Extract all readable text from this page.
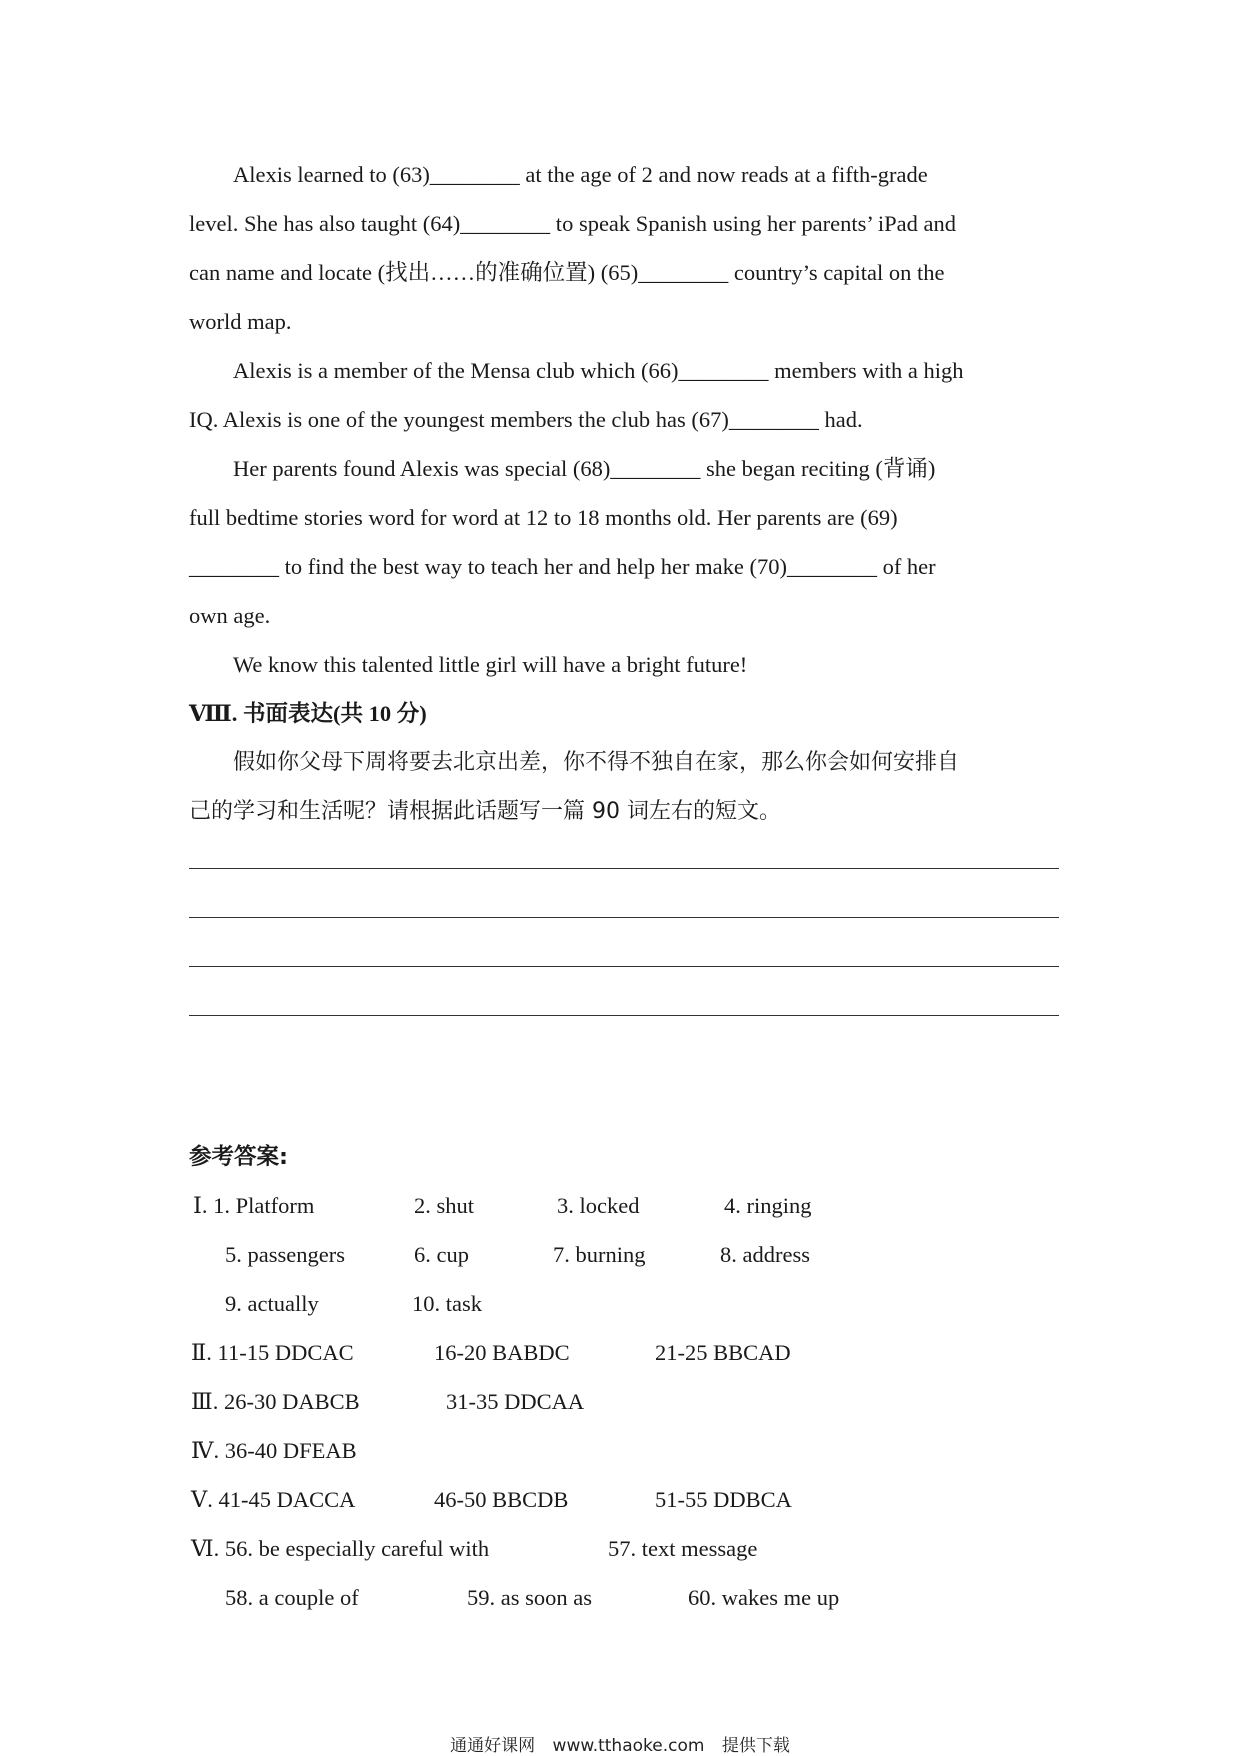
Alexis learned to (63)________ at the age of 2 and now reads at a fifth-grade
level. She has also taught (64)________ to speak Spanish using her parents’ iPad and
can name and locate (找出……的准确位置) (65)________ country’s capital on the
world map.
Alexis is a member of the Mensa club which (66)________ members with a high
IQ. Alexis is one of the youngest members the club has (67)________ had.
Her parents found Alexis was special (68)________ she began reciting (背诵)
full bedtime stories word for word at 12 to 18 months old. Her parents are (69)
________ to find the best way to teach her and help her make (70)________ of her
own age.
We know this talented little girl will have a bright future!
Ⅷ. 书面表达(共 10 分)
假如你父母下周将要去北京出差，你不得不独自在家，那么你会如何安排自
己的学习和生活呢？请根据此话题写一篇 90 词左右的短文。
参考答案:
Ⅰ. 1. Platform	2. shut	3. locked	4. ringing
5. passengers	6. cup	7. burning	8. address
9. actually	10. task
Ⅱ. 11-15 DDCAC	16-20 BABDC	21-25 BBCAD
Ⅲ. 26-30 DABCB	31-35 DDCAA
Ⅳ. 36-40 DFEAB
Ⅴ. 41-45 DACCA	46-50 BBCDB	51-55 DDBCA
Ⅵ. 56. be especially careful with	57. text message
58. a couple of	59. as soon as	60. wakes me up
通通好课网 www.tthaoke.com 提供下载
